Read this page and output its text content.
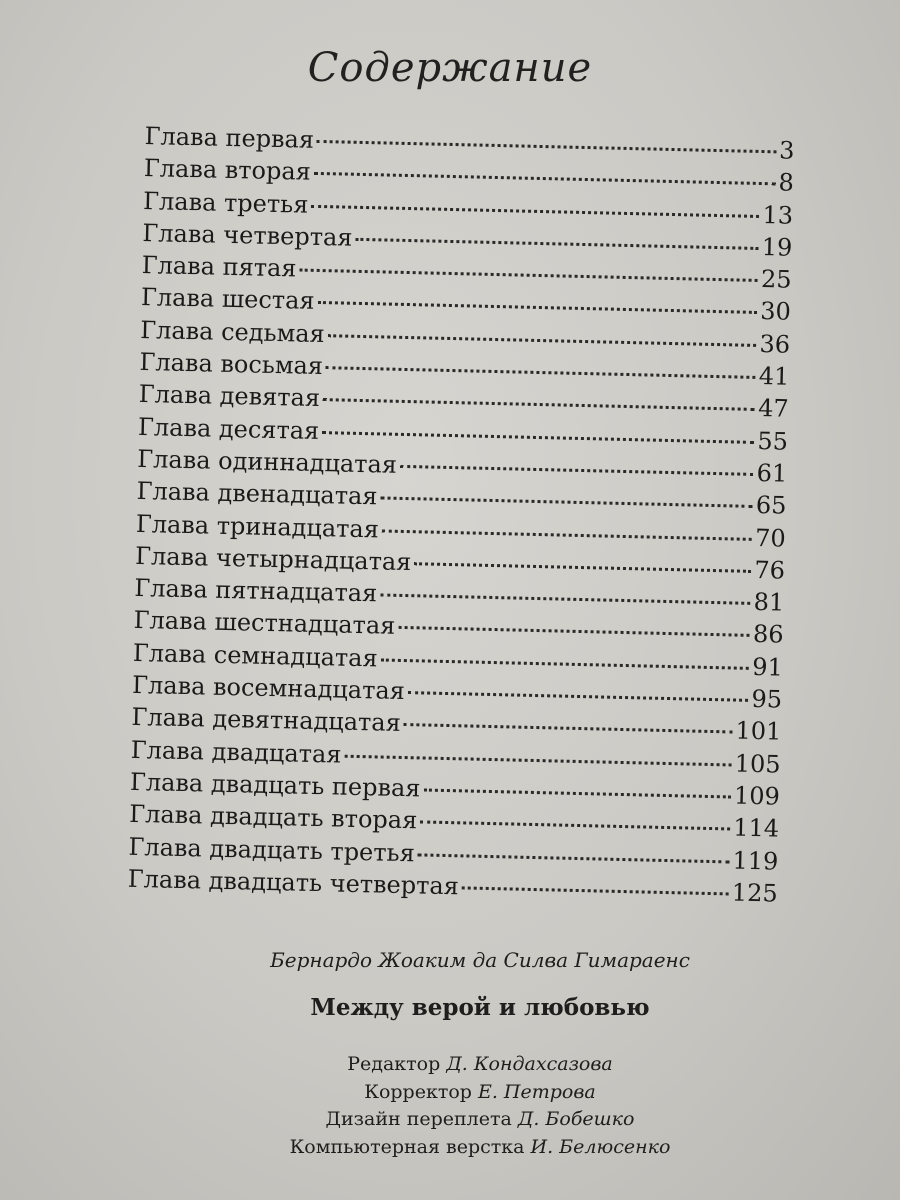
Содержание
Глава первая	3
Глава вторая	8
Глава третья	13
Глава четвертая	19
Глава пятая	25
Глава шестая	30
Глава седьмая	36
Глава восьмая	41
Глава девятая	47
Глава десятая	55
Глава одиннадцатая	61
Глава двенадцатая	65
Глава тринадцатая	70
Глава четырнадцатая	76
Глава пятнадцатая	81
Глава шестнадцатая	86
Глава семнадцатая	91
Глава восемнадцатая	95
Глава девятнадцатая	101
Глава двадцатая	105
Глава двадцать первая	109
Глава двадцать вторая	114
Глава двадцать третья	119
Глава двадцать четвертая	125
Бернардо Жоаким да Силва Гимараенс
Между верой и любовью
Редактор Д. Кондахсазова
Корректор Е. Петрова
Дизайн переплета Д. Бобешко
Компьютерная верстка И. Белюсенко
